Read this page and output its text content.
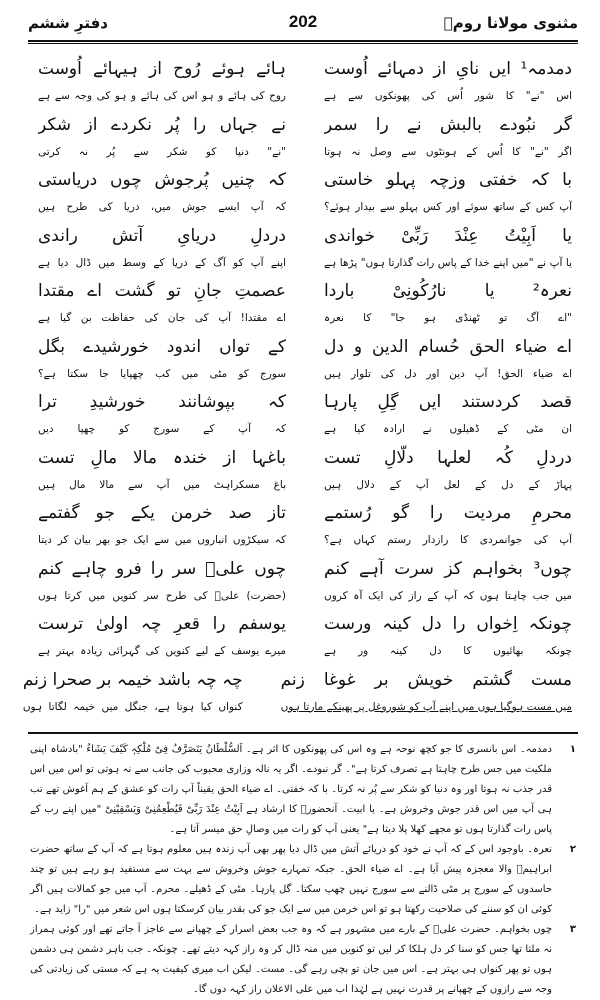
مثنوی مولانا رومؒ
202
دفترِ ششم
دمدمہ¹ ایں نایِ از دمہائے اُوست
اس "نے" کا شور اُس کی پھونکوں سے ہے
ہائے ہوئے رُوح از ہیہائے اُوست
روح کی ہائے و ہو اس کی ہائے و ہو کی وجہ سے ہے
گر نبُودے بالبش نے را سمر
اگر "نے" کا اُس کے ہونٹوں سے وصل نہ ہوتا
نے جہاں را پُر نکردے از شکر
"نے" دنیا کو شکر سے پُر نہ کرتی
با کہ خفتی وزچہ پہلو خاستی
آپ کس کے ساتھ سوئے اور کس پہلو سے بیدار ہوئے؟
کہ چنیں پُرجوش چوں دریاستی
کہ آپ ایسے جوش میں، دریا کی طرح ہیں
یا اَبِیْتُ عِنْدَ رَبِّیْ خواندی
یا آپ نے "میں اپنے خدا کے پاس رات گذارتا ہوں" پڑھا ہے
دردلِ دریایِ آتش راندی
اپنے آپ کو آگ کے دریا کے وسط میں ڈال دیا ہے
نعرہ² یا نارُکُونِیْ باردا
"اے آگ تو ٹھنڈی ہو جا" کا نعرہ
عصمتِ جانِ تو گشت اے مقتدا
اے مقتدا! آپ کی جان کی حفاظت بن گیا ہے
اے ضیاء الحق حُسام الدین و دل
اے ضیاء الحق! آپ دین اور دل کی تلوار ہیں
کے تواں اندود خورشیدے بگل
سورج کو مٹی میں کب چھپایا جا سکتا ہے؟
قصد کردستند ایں گِلِ پارہا
ان مٹی کے ڈھیلوں نے ارادہ کیا ہے
کہ بپوشانند خورشیدِ ترا
کہ آپ کے سورج کو چھپا دیں
دردلِ کُہ لعلہا دلّالِ تست
پہاڑ کے دل کے لعل آپ کے دلال ہیں
باغہا از خندہ مالا مالِ تست
باغ مسکراہٹ میں آپ سے مالا مال ہیں
محرمِ مردیت را گو رُستمے
آپ کی جوانمردی کا رازدار رستم کہاں ہے؟
تاز صد خرمن یکے جو گفتمے
کہ سیکڑوں انباروں میں سے ایک جو بھر بیان کر دیتا
چوں³ بخواہم کز سرت آہے کنم
میں جب چاہتا ہوں کہ آپ کے راز کی ایک آہ کروں
چوں علیؓ سر را فرو چاہے کنم
(حضرت) علیؓ کی طرح سر کنویں میں کرتا ہوں
چونکہ اِخواں را دل کینہ ورست
چونکہ بھائیوں کا دل کینہ ور ہے
یوسفم را قعرِ چہ اولیٰ ترست
میرے یوسف کے لیے کنویں کی گہرائی زیادہ بہتر ہے
مست گشتم خویش بر غوغا زنم
میں مست ہوگیا ہوں میں اپنے آپ کو شوروغل پر پھینکے مارتا ہوں
چہ چہ باشد خیمہ بر صحرا زنم
کنواں کیا ہوتا ہے، جنگل میں خیمہ لگاتا ہوں
۱
دمدمہ۔ اس بانسری کا جو کچھ نوحہ ہے وہ اس کی پھونکوں کا اثر ہے۔ اَلسُّلْطَانُ یَتَصَرَّفُ فِیْ مُلْکِہٖ کَیْفَ یَشَاءُ "بادشاہ اپنی ملکیت میں جس طرح چاہتا ہے تصرف کرتا ہے"۔ گر نبودے۔ اگر یہ نالہ وزاری محبوب کی جانب سے نہ ہوتی تو اس میں اس قدر جذب نہ ہوتا اور وہ دنیا کو شکر سے پُر نہ کرتا۔ با کہ خفتی۔ اے ضیاء الحق یقیناً آپ رات کو عشق کے ہم آغوش تھے تب ہی آپ میں اس قدر جوش وخروش ہے۔ یا ابیت۔ آنحضورؐ کا ارشاد ہے اَبِیْتُ عِنْدَ رَبِّیْ فَیُطْعِمُنِیْ وَیَسْقِیْنِیْ "میں اپنے رب کے پاس رات گذارتا ہوں تو مجھے کھلا پلا دیتا ہے" یعنی آپ کو رات میں وصالِ حق میسر آتا ہے۔
۲
نعرہ۔ باوجود اس کے کہ آپ نے خود کو دریائے آتش میں ڈال دیا پھر بھی آپ زندہ ہیں معلوم ہوتا ہے کہ آپ کے ساتھ حضرت ابراہیمؑ والا معجزہ پیش آیا ہے۔ اے ضیاء الحق۔ جبکہ تمہارے جوش وخروش سے بہت سے مستفید ہو رہے ہیں تو چند حاسدوں کے سورج پر مٹی ڈالنے سے سورج نہیں چھپ سکتا۔ گل پارہا۔ مٹی کے ڈھیلے۔ محرم۔ آپ میں جو کمالات ہیں اگر کوئی ان کو سننے کی صلاحیت رکھتا ہو تو اس خرمن میں سے ایک جو کی بقدر بیان کرسکتا ہوں اس شعر میں "را" زاید ہے۔
۳
چوں بخواہم۔ حضرت علیؓ کے بارے میں مشہور ہے کہ وہ جب بعض اسرار کے چھپانے سے عاجز آ جاتے تھے اور کوئی ہمراز نہ ملتا تھا جس کو سنا کر دل ہلکا کر لیں تو کنویں میں منہ ڈال کر وہ راز کہہ دیتے تھے۔ چونکہ۔ جب باہر دشمن ہی دشمن ہوں تو پھر کنواں ہی بہتر ہے۔ اس میں جان تو بچی رہے گی۔ مست۔ لیکن اب میری کیفیت یہ ہے کہ مستی کی زیادتی کی وجہ سے رازوں کے چھپانے پر قدرت نہیں ہے لہٰذا اب میں علی الاعلان راز کہہ دوں گا۔
